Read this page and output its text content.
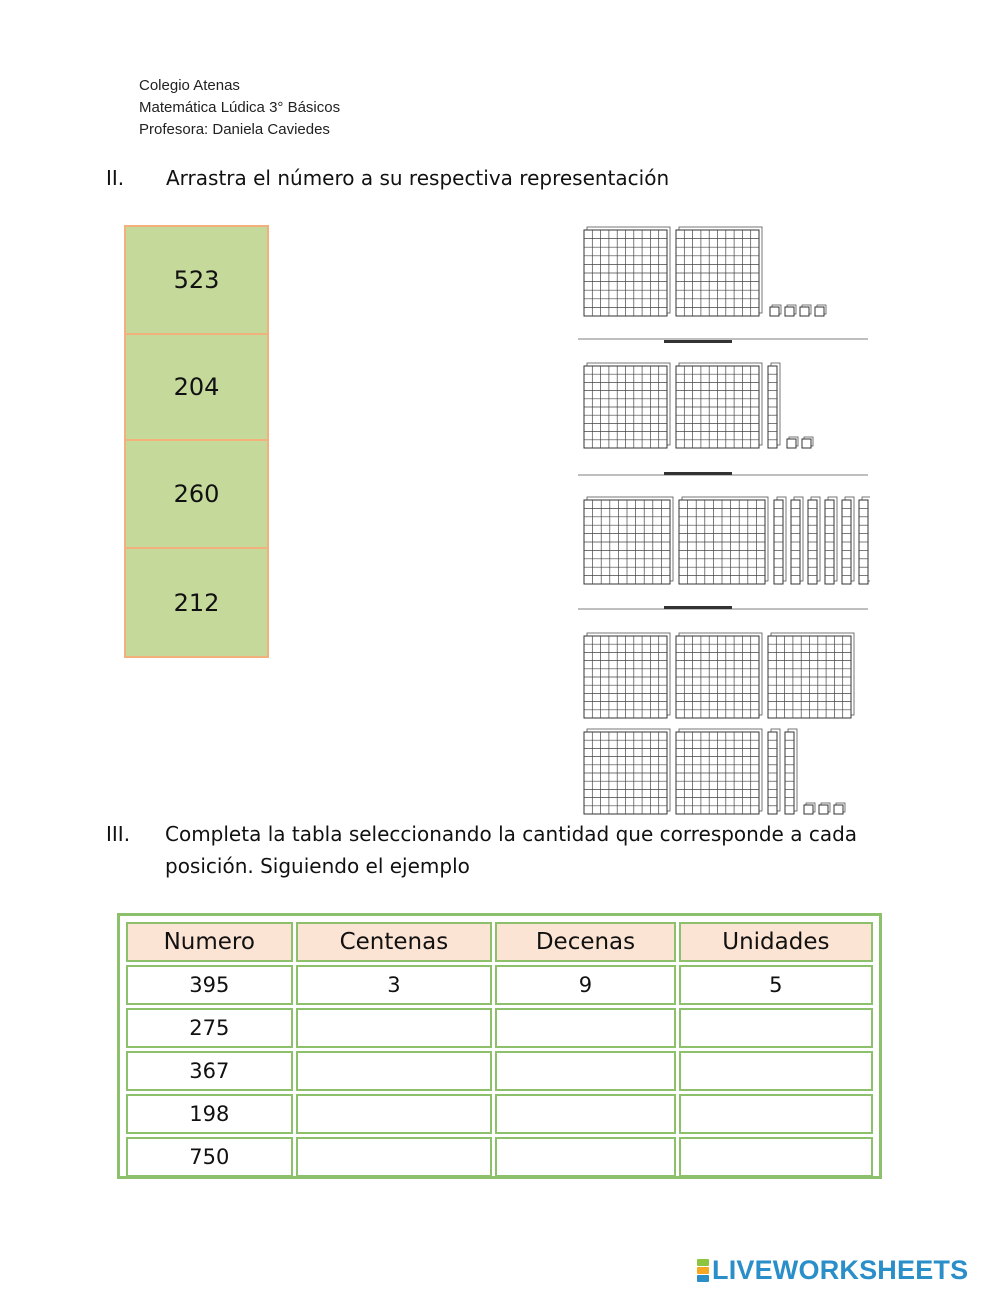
Colegio Atenas
Matemática Lúdica 3° Básicos
Profesora: Daniela Caviedes
II. Arrastra el número a su respectiva representación
523
204
260
212
III. Completa la tabla seleccionando la cantidad que corresponde a cada
posición. Siguiendo el ejemplo
Numero	Centenas	Decenas	Unidades
395	3	9	5
275			
367			
198			
750			
LIVEWORKSHEETS
